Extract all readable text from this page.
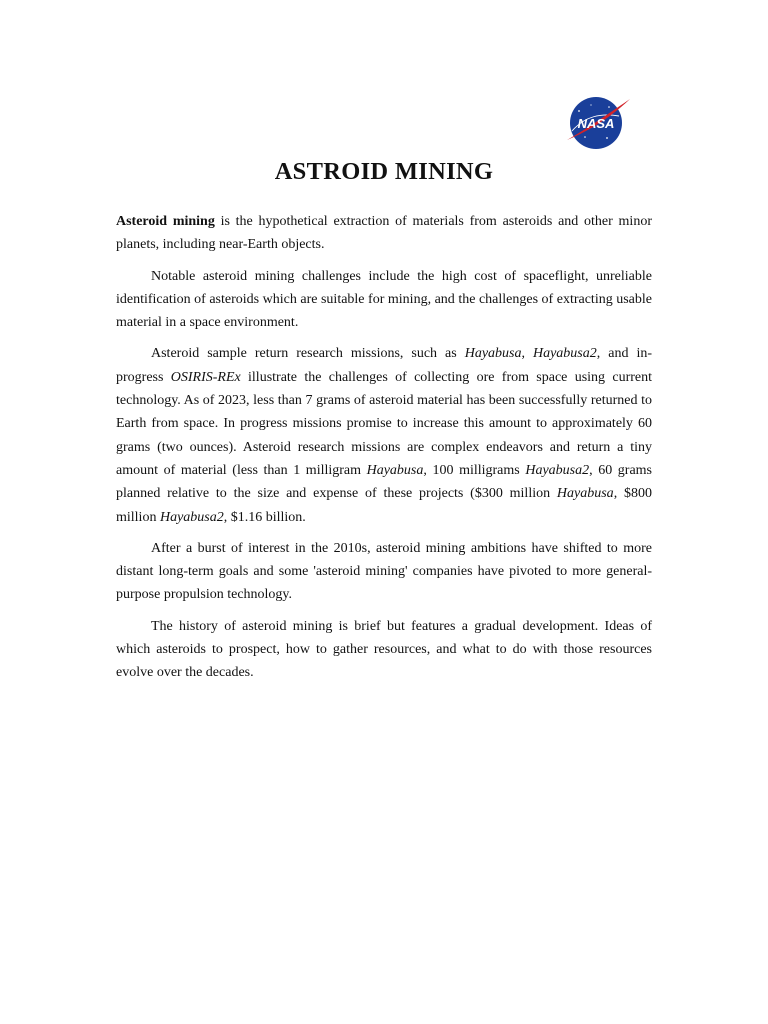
NASA
ASTROID MINING

Asteroid mining is the hypothetical extraction of materials from asteroids and other minor planets, including near-Earth objects.

Notable asteroid mining challenges include the high cost of spaceflight, unreliable identification of asteroids which are suitable for mining, and the challenges of extracting usable material in a space environment.

Asteroid sample return research missions, such as Hayabusa, Hayabusa2, and in-progress OSIRIS-REx illustrate the challenges of collecting ore from space using current technology. As of 2023, less than 7 grams of asteroid material has been successfully returned to Earth from space. In progress missions promise to increase this amount to approximately 60 grams (two ounces). Asteroid research missions are complex endeavors and return a tiny amount of material (less than 1 milligram Hayabusa, 100 milligrams Hayabusa2, 60 grams planned relative to the size and expense of these projects ($300 million Hayabusa, $800 million Hayabusa2, $1.16 billion.

After a burst of interest in the 2010s, asteroid mining ambitions have shifted to more distant long-term goals and some 'asteroid mining' companies have pivoted to more general-purpose propulsion technology.

The history of asteroid mining is brief but features a gradual development. Ideas of which asteroids to prospect, how to gather resources, and what to do with those resources evolve over the decades.
